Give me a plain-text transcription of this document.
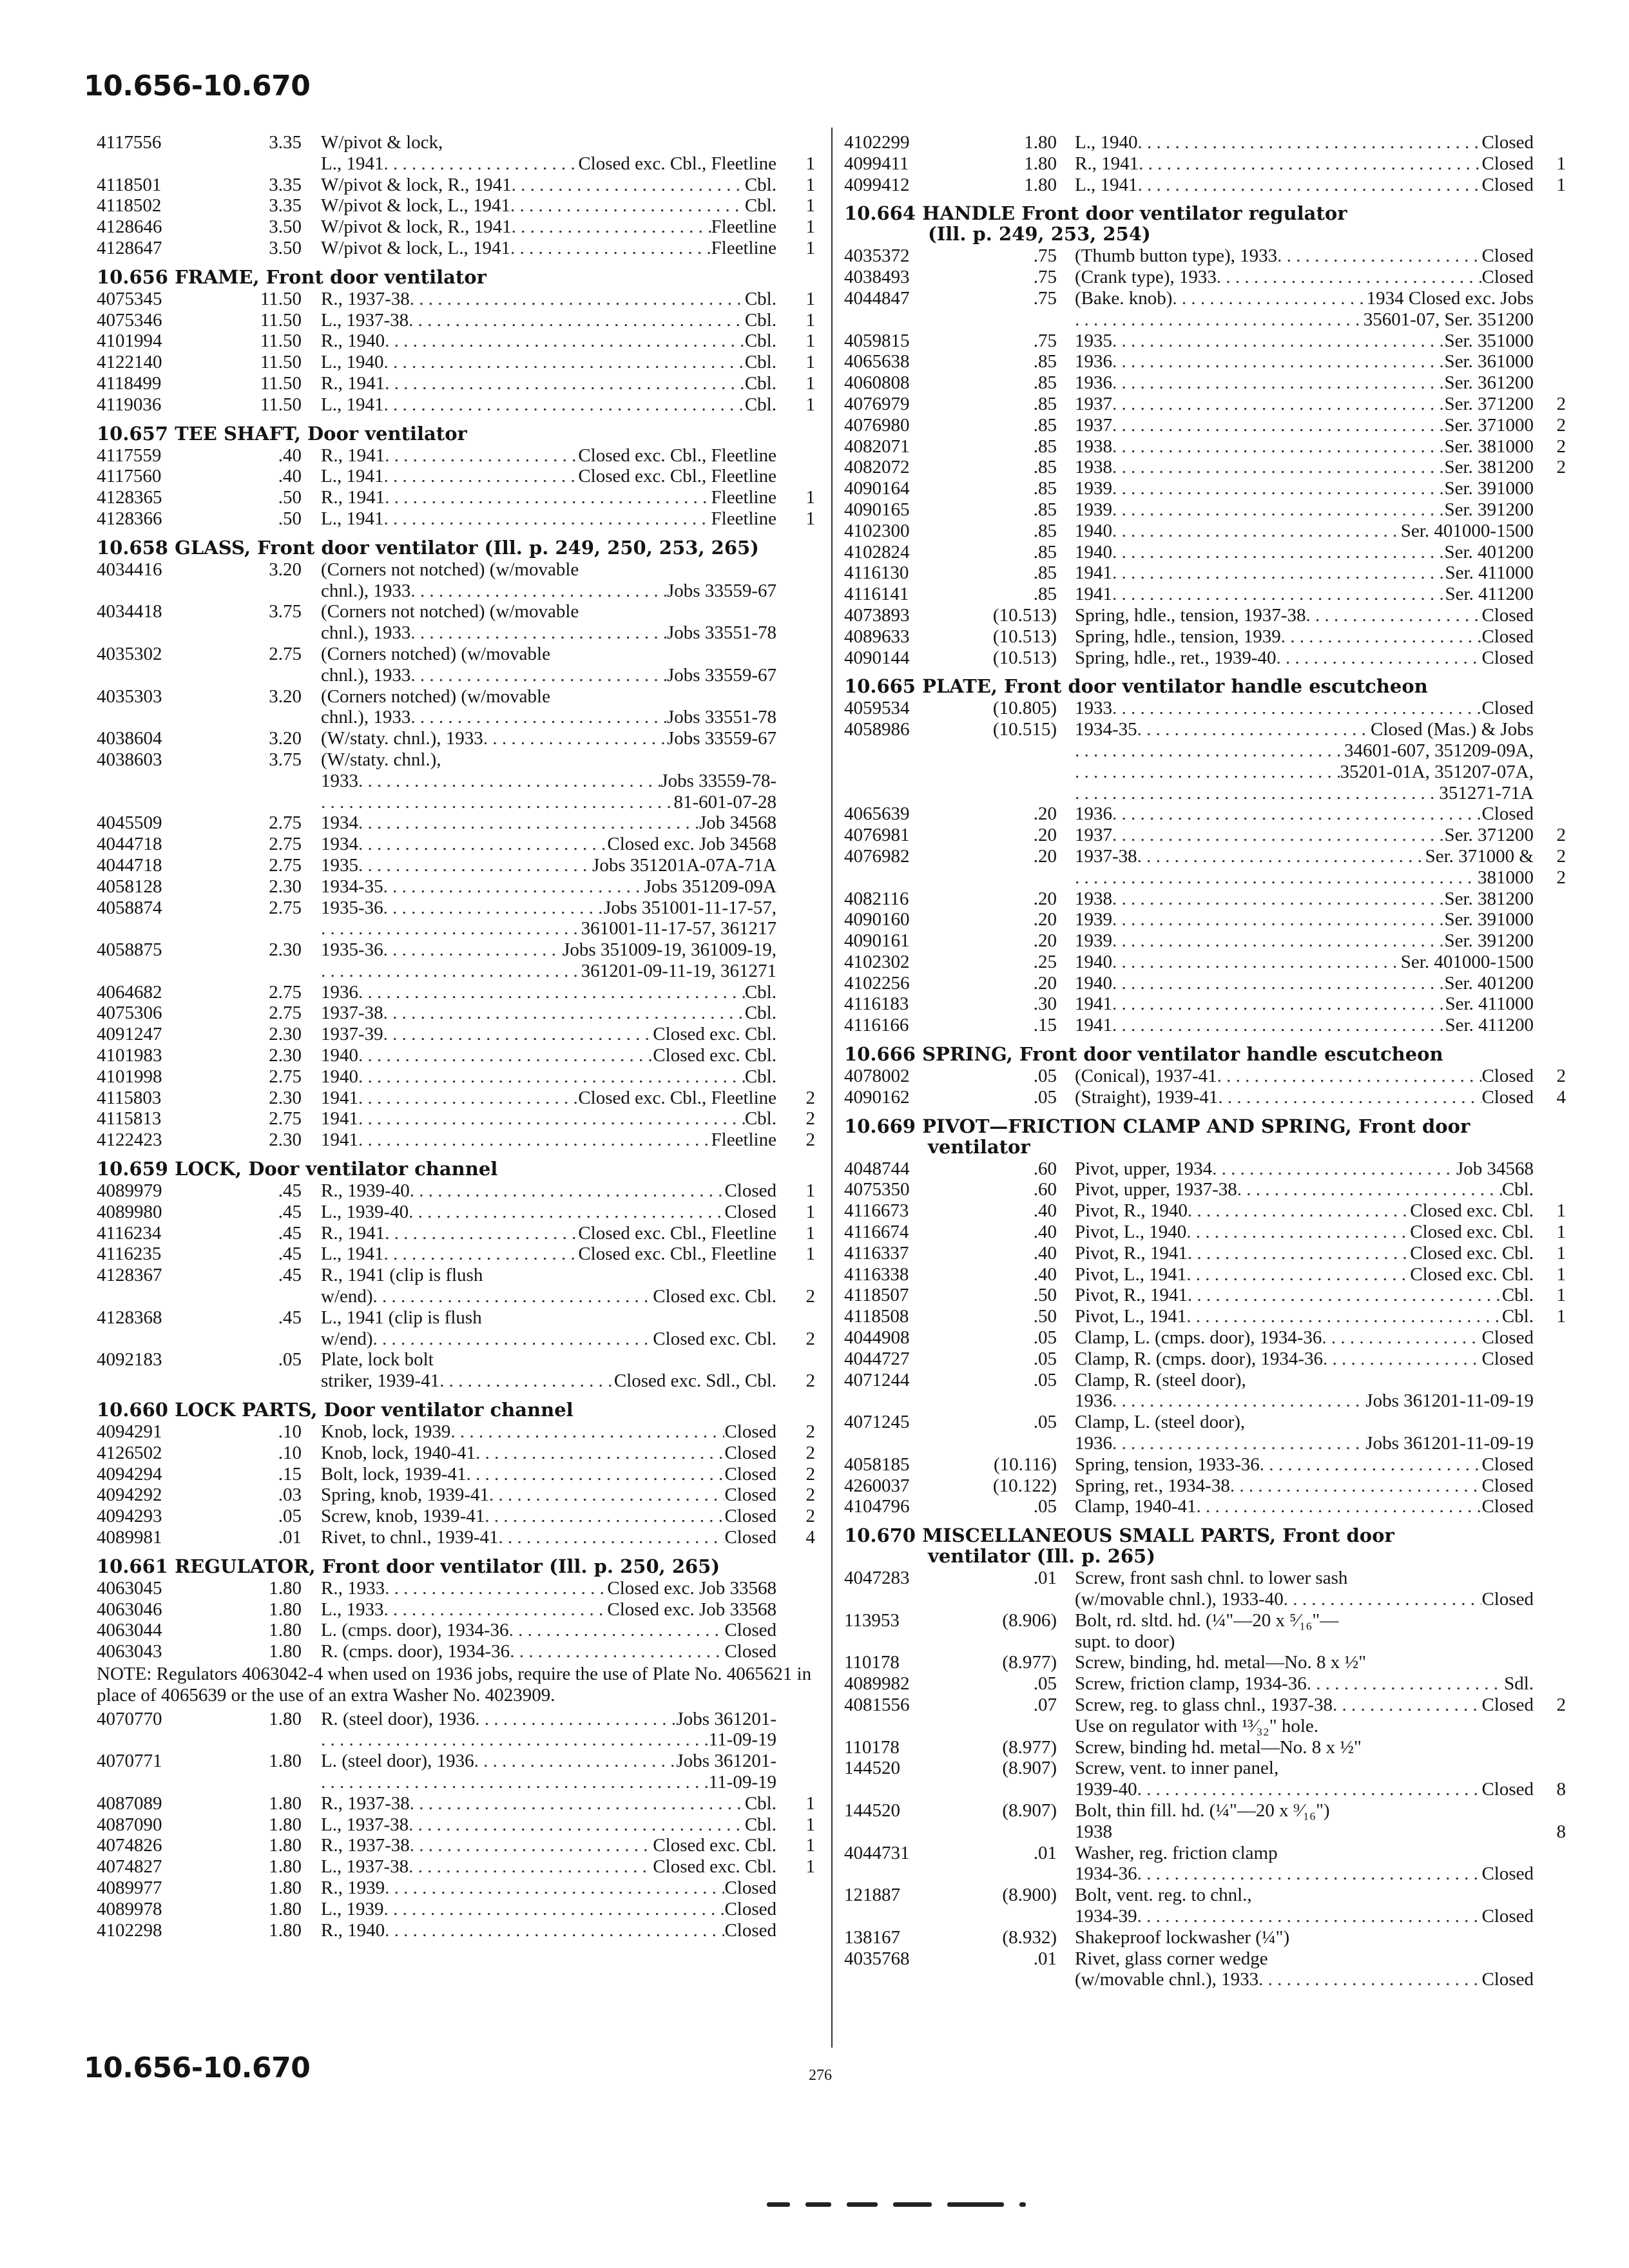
10.656-10.670
4117556	3.35	W/pivot & lock,
L., 1941 . . .	Closed exc. Cbl., Fleetline	1
4118501	3.35	W/pivot & lock, R., 1941 . . .	Cbl.	1
4118502	3.35	W/pivot & lock, L., 1941 . . .	Cbl.	1
4128646	3.50	W/pivot & lock, R., 1941 . . .	Fleetline	1
4128647	3.50	W/pivot & lock, L., 1941 . . .	Fleetline	1
10.656 FRAME, Front door ventilator
4075345	11.50	R., 1937-38 . . .	Cbl.	1
4075346	11.50	L., 1937-38 . . .	Cbl.	1
4101994	11.50	R., 1940 . . .	Cbl.	1
4122140	11.50	L., 1940 . . .	Cbl.	1
4118499	11.50	R., 1941 . . .	Cbl.	1
4119036	11.50	L., 1941 . . .	Cbl.	1
10.657 TEE SHAFT, Door ventilator
4117559	.40	R., 1941 . . .	Closed exc. Cbl., Fleetline
4117560	.40	L., 1941 . . .	Closed exc. Cbl., Fleetline
4128365	.50	R., 1941 . . .	Fleetline	1
4128366	.50	L., 1941 . . .	Fleetline	1
10.658 GLASS, Front door ventilator (Ill. p. 249, 250, 253, 265)
4034416	3.20	(Corners not notched) (w/movable
chnl.), 1933 . . .	Jobs 33559-67
4034418	3.75	(Corners not notched) (w/movable
chnl.), 1933 . . .	Jobs 33551-78
4035302	2.75	(Corners notched) (w/movable
chnl.), 1933 . . .	Jobs 33559-67
4035303	3.20	(Corners notched) (w/movable
chnl.), 1933 . . .	Jobs 33551-78
4038604	3.20	(W/staty. chnl.), 1933 . . .	Jobs 33559-67
4038603	3.75	(W/staty. chnl.),
1933 . . .	Jobs 33559-78-
. . .
81-601-07-28
4045509	2.75	1934 . . .	Job 34568
4044718	2.75	1934 . . .	Closed exc. Job 34568
4044718	2.75	1935 . . .	Jobs 351201A-07A-71A
4058128	2.30	1934-35 . . .	Jobs 351209-09A
4058874	2.75	1935-36 . . .	Jobs 351001-11-17-57,
. . .
361001-11-17-57, 361217
4058875	2.30	1935-36 . . .	Jobs 351009-19, 361009-19,
. . .
361201-09-11-19, 361271
4064682	2.75	1936 . . .	Cbl.
4075306	2.75	1937-38 . . .	Cbl.
4091247	2.30	1937-39 . . .	Closed exc. Cbl.
4101983	2.30	1940 . . .	Closed exc. Cbl.
4101998	2.75	1940 . . .	Cbl.
4115803	2.30	1941 . . .	Closed exc. Cbl., Fleetline	2
4115813	2.75	1941 . . .	Cbl.	2
4122423	2.30	1941 . . .	Fleetline	2
10.659 LOCK, Door ventilator channel
4089979	.45	R., 1939-40 . . .	Closed	1
4089980	.45	L., 1939-40 . . .	Closed	1
4116234	.45	R., 1941 . . .	Closed exc. Cbl., Fleetline	1
4116235	.45	L., 1941 . . .	Closed exc. Cbl., Fleetline	1
4128367	.45	R., 1941 (clip is flush
w/end) . . .	Closed exc. Cbl.	2
4128368	.45	L., 1941 (clip is flush
w/end) . . .	Closed exc. Cbl.	2
4092183	.05	Plate, lock bolt
striker, 1939-41 . . .	Closed exc. Sdl., Cbl.	2
10.660 LOCK PARTS, Door ventilator channel
4094291	.10	Knob, lock, 1939 . . .	Closed	2
4126502	.10	Knob, lock, 1940-41 . . .	Closed	2
4094294	.15	Bolt, lock, 1939-41 . . .	Closed	2
4094292	.03	Spring, knob, 1939-41 . . .	Closed	2
4094293	.05	Screw, knob, 1939-41 . . .	Closed	2
4089981	.01	Rivet, to chnl., 1939-41 . . .	Closed	4
10.661 REGULATOR, Front door ventilator (Ill. p. 250, 265)
4063045	1.80	R., 1933 . . .	Closed exc. Job 33568
4063046	1.80	L., 1933 . . .	Closed exc. Job 33568
4063044	1.80	L. (cmps. door), 1934-36 . . .	Closed
4063043	1.80	R. (cmps. door), 1934-36 . . .	Closed
NOTE: Regulators 4063042-4 when used on 1936 jobs, require the use of Plate No. 4065621 in place of 4065639 or the use of an extra Washer No. 4023909.
4070770	1.80	R. (steel door), 1936 . . .	Jobs 361201-
. . .
11-09-19
4070771	1.80	L. (steel door), 1936 . . .	Jobs 361201-
. . .
11-09-19
4087089	1.80	R., 1937-38 . . .	Cbl.	1
4087090	1.80	L., 1937-38 . . .	Cbl.	1
4074826	1.80	R., 1937-38 . . .	Closed exc. Cbl.	1
4074827	1.80	L., 1937-38 . . .	Closed exc. Cbl.	1
4089977	1.80	R., 1939 . . .	Closed
4089978	1.80	L., 1939 . . .	Closed
4102298	1.80	R., 1940 . . .	Closed
4102299	1.80 L., 1940 . . .	Closed
4099411	1.80 R., 1941 . . .	Closed	1
4099412	1.80 L., 1941 . . .	Closed	1
10.664 HANDLE Front door ventilator regulator
(Ill. p. 249, 253, 254)
4035372	.75 (Thumb button type), 1933 . . .	Closed
4038493	.75 (Crank type), 1933 . . .	Closed
4044847	.75 (Bake. knob) . . .	1934 Closed exc. Jobs
. . .
35601-07, Ser. 351200
4059815	.75 1935 . . .	Ser. 351000
4065638	.85 1936 . . .	Ser. 361000
4060808	.85 1936 . . .	Ser. 361200
4076979	.85 1937 . . .	Ser. 371200	2
4076980	.85 1937 . . .	Ser. 371000	2
4082071	.85 1938 . . .	Ser. 381000	2
4082072	.85 1938 . . .	Ser. 381200	2
4090164	.85 1939 . . .	Ser. 391000
4090165	.85 1939 . . .	Ser. 391200
4102300	.85 1940 . . .	Ser. 401000-1500
4102824	.85 1940 . . .	Ser. 401200
4116130	.85 1941 . . .	Ser. 411000
4116141	.85 1941 . . .	Ser. 411200
4073893	(10.513) Spring, hdle., tension, 1937-38 . . .	Closed
4089633	(10.513) Spring, hdle., tension, 1939 . . .	Closed
4090144	(10.513) Spring, hdle., ret., 1939-40 . . .	Closed
10.665 PLATE, Front door ventilator handle escutcheon
4059534	(10.805) 1933 . . .	Closed
4058986	(10.515) 1934-35 . . .	Closed (Mas.) & Jobs
. . .
34601-607, 351209-09A,
. . .
35201-01A, 351207-07A,
. . .
351271-71A
4065639	.20 1936 . . .	Closed
4076981	.20 1937 . . .	Ser. 371200	2
4076982	.20 1937-38 . . .	Ser. 371000 &	2
. . .
381000	2
4082116	.20 1938 . . .	Ser. 381200
4090160	.20 1939 . . .	Ser. 391000
4090161	.20 1939 . . .	Ser. 391200
4102302	.25 1940 . . .	Ser. 401000-1500
4102256	.20 1940 . . .	Ser. 401200
4116183	.30 1941 . . .	Ser. 411000
4116166	.15 1941 . . .	Ser. 411200
10.666 SPRING, Front door ventilator handle escutcheon
4078002	.05 (Conical), 1937-41 . . .	Closed	2
4090162	.05 (Straight), 1939-41 . . .	Closed	4
10.669 PIVOT—FRICTION CLAMP AND SPRING, Front door
ventilator
4048744	.60 Pivot, upper, 1934 . . .	Job 34568
4075350	.60 Pivot, upper, 1937-38 . . .	Cbl.
4116673	.40 Pivot, R., 1940 . . .	Closed exc. Cbl.	1
4116674	.40 Pivot, L., 1940 . . .	Closed exc. Cbl.	1
4116337	.40 Pivot, R., 1941 . . .	Closed exc. Cbl.	1
4116338	.40 Pivot, L., 1941 . . .	Closed exc. Cbl.	1
4118507	.50 Pivot, R., 1941 . . .	Cbl.	1
4118508	.50 Pivot, L., 1941 . . .	Cbl.	1
4044908	.05 Clamp, L. (cmps. door), 1934-36 . . .	Closed
4044727	.05 Clamp, R. (cmps. door), 1934-36 . . .	Closed
4071244	.05 Clamp, R. (steel door),
1936 . . .	Jobs 361201-11-09-19
4071245	.05 Clamp, L. (steel door),
1936 . . .	Jobs 361201-11-09-19
4058185	(10.116) Spring, tension, 1933-36 . . .	Closed
4260037	(10.122) Spring, ret., 1934-38 . . .	Closed
4104796	.05 Clamp, 1940-41 . . .	Closed
10.670 MISCELLANEOUS SMALL PARTS, Front door
ventilator (Ill. p. 265)
4047283	.01 Screw, front sash chnl. to lower sash
(w/movable chnl.), 1933-40 . . .	Closed
113953	(8.906) Bolt, rd. sltd. hd. (¼"—20 x ⁵⁄₁₆"—
supt. to door)
110178	(8.977) Screw, binding, hd. metal—No. 8 x ½"
4089982	.05 Screw, friction clamp, 1934-36 . . .	Sdl.
4081556	.07 Screw, reg. to glass chnl., 1937-38 . . .	Closed	2
Use on regulator with ¹³⁄₃₂" hole.
110178	(8.977) Screw, binding hd. metal—No. 8 x ½"
144520	(8.907) Screw, vent. to inner panel,
1939-40 . . .	Closed	8
144520	(8.907) Bolt, thin fill. hd. (¼"—20 x ⁹⁄₁₆")
1938	8
4044731	.01 Washer, reg. friction clamp
1934-36 . . .	Closed
121887	(8.900) Bolt, vent. reg. to chnl.,
1934-39 . . .	Closed
138167	(8.932) Shakeproof lockwasher (¼")
4035768	.01 Rivet, glass corner wedge
(w/movable chnl.), 1933 . . .	Closed
10.656-10.670	276
